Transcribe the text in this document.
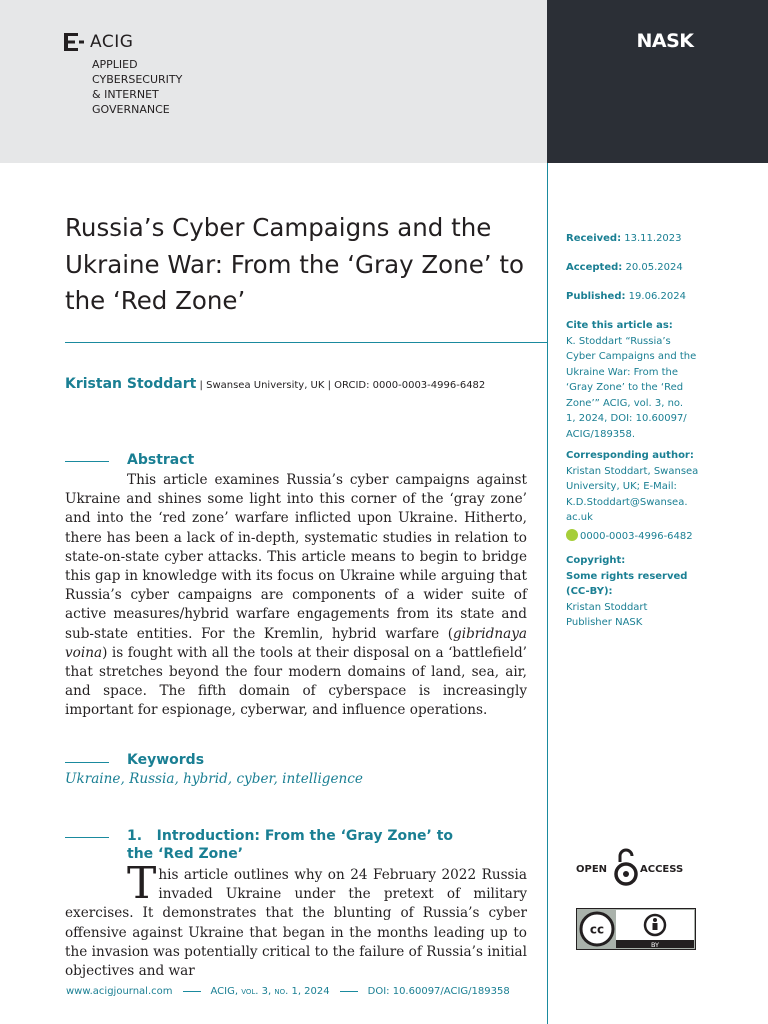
ACIG
APPLIED
CYBERSECURITY
& INTERNET
GOVERNANCE
NASK
Russia’s Cyber Campaigns and the Ukraine War: From the ‘Gray Zone’ to the ‘Red Zone’
Kristan Stoddart | Swansea University, UK | ORCID: 0000-0003-4996-6482
Abstract
This article examines Russia’s cyber campaigns against Ukraine and shines some light into this corner of the ‘gray zone’ and into the ‘red zone’ warfare inflicted upon Ukraine. Hitherto, there has been a lack of in-depth, systematic studies in relation to state-on-state cyber attacks. This article means to begin to bridge this gap in knowledge with its focus on Ukraine while arguing that Russia’s cyber campaigns are components of a wider suite of active measures/hybrid warfare engagements from its state and sub-state entities. For the Kremlin, hybrid warfare (gibridnaya voina) is fought with all the tools at their disposal on a ‘battlefield’ that stretches beyond the four modern domains of land, sea, air, and space. The fifth domain of cyberspace is increasingly important for espionage, cyberwar, and influence operations.
Keywords
Ukraine, Russia, hybrid, cyber, intelligence
1.   Introduction: From the ‘Gray Zone’ to
the ‘Red Zone’
This article outlines why on 24 February 2022 Russia invaded Ukraine under the pretext of military exercises. It demonstrates that the blunting of Russia’s cyber offensive against Ukraine that began in the months leading up to the invasion was potentially critical to the failure of Russia’s initial objectives and war
Received: 13.11.2023
Accepted: 20.05.2024
Published: 19.06.2024
Cite this article as:
K. Stoddart “Russia’s
Cyber Campaigns and the
Ukraine War: From the
‘Gray Zone’ to the ‘Red
Zone’” ACIG, vol. 3, no.
1, 2024, DOI: 10.60097/
ACIG/189358.
Corresponding author:
Kristan Stoddart, Swansea
University, UK; E-Mail:
K.D.Stoddart@Swansea.
ac.uk
0000-0003-4996-6482
Copyright:
Some rights reserved
(CC-BY):
Kristan Stoddart
Publisher NASK
OPEN	ACCESS
cc
BY
www.acigjournal.com	ACIG, vol. 3, no. 1, 2024	DOI: 10.60097/ACIG/189358
